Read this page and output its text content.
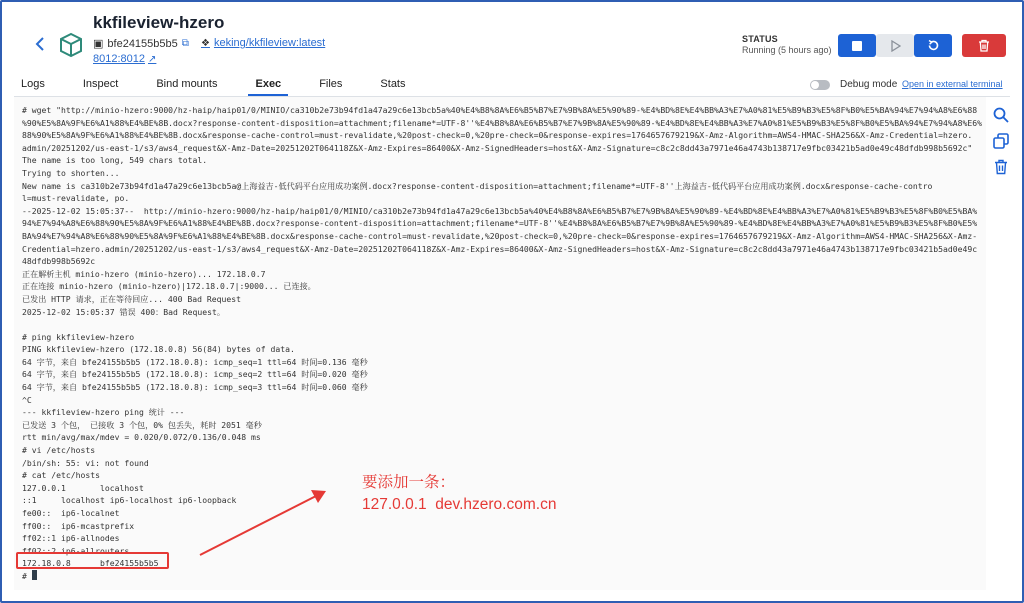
kkfileview-hzero
▣ bfe24155b5b5 ⧉ ❖ keking/kkfileview:latest
8012:8012 ↗
STATUS
Running (5 hours ago)
Logs	Inspect	Bind mounts	Exec	Files	Stats	Debug mode Open in external terminal
# wget "http://minio-hzero:9000/hz-haip/haip01/0/MINIO/ca310b2e73b94fd1a47a29c6e13bcb5a%40%E4%B8%8A%E6%B5%B7%E7%9B%8A%E5%90%89-%E4%BD%8E%E4%BB%A3%E7%A0%81%E5%B9%B3%E5%8F%B0%E5%BA%94%E7%94%A8%E6%88
%90%E5%8A%9F%E6%A1%88%E4%BE%8B.docx?response-content-disposition=attachment;filename*=UTF-8''%E4%B8%8A%E6%B5%B7%E7%9B%8A%E5%90%89-%E4%BD%8E%E4%BB%A3%E7%A0%81%E5%B9%B3%E5%8F%B0%E5%BA%94%E7%94%A8%E6%
88%90%E5%8A%9F%E6%A1%88%E4%BE%8B.docx&response-cache-control=must-revalidate,%20post-check=0,%20pre-check=0&response-expires=1764657679219&X-Amz-Algorithm=AWS4-HMAC-SHA256&X-Amz-Credential=hzero.
admin/20251202/us-east-1/s3/aws4_request&X-Amz-Date=20251202T064118Z&X-Amz-Expires=86400&X-Amz-SignedHeaders=host&X-Amz-Signature=c8c2c8dd43a7971e46a4743b138717e9fbc03421b5ad0e49c48dfdb998b5692c"
The name is too long, 549 chars total.
Trying to shorten...
New name is ca310b2e73b94fd1a47a29c6e13bcb5a@上海益吉-低代码平台应用成功案例.docx?response-content-disposition=attachment;filename*=UTF-8''上海益吉-低代码平台应用成功案例.docx&response-cache-contro
l=must-revalidate, po.
--2025-12-02 15:05:37--  http://minio-hzero:9000/hz-haip/haip01/0/MINIO/ca310b2e73b94fd1a47a29c6e13bcb5a%40%E4%B8%8A%E6%B5%B7%E7%9B%8A%E5%90%89-%E4%BD%8E%E4%BB%A3%E7%A0%81%E5%B9%B3%E5%8F%B0%E5%BA%
94%E7%94%A8%E6%88%90%E5%8A%9F%E6%A1%88%E4%BE%8B.docx?response-content-disposition=attachment;filename*=UTF-8''%E4%B8%8A%E6%B5%B7%E7%9B%8A%E5%90%89-%E4%BD%8E%E4%BB%A3%E7%A0%81%E5%B9%B3%E5%8F%B0%E5%
BA%94%E7%94%A8%E6%88%90%E5%8A%9F%E6%A1%88%E4%BE%8B.docx&response-cache-control=must-revalidate,%20post-check=0,%20pre-check=0&response-expires=1764657679219&X-Amz-Algorithm=AWS4-HMAC-SHA256&X-Amz-
Credential=hzero.admin/20251202/us-east-1/s3/aws4_request&X-Amz-Date=20251202T064118Z&X-Amz-Expires=86400&X-Amz-SignedHeaders=host&X-Amz-Signature=c8c2c8dd43a7971e46a4743b138717e9fbc03421b5ad0e49c
48dfdb998b5692c
正在解析主机 minio-hzero (minio-hzero)... 172.18.0.7
正在连接 minio-hzero (minio-hzero)|172.18.0.7|:9000... 已连接。
已发出 HTTP 请求，正在等待回应... 400 Bad Request
2025-12-02 15:05:37 错误 400：Bad Request。
# ping kkfileview-hzero
PING kkfileview-hzero (172.18.0.8) 56(84) bytes of data.
64 字节，来自 bfe24155b5b5 (172.18.0.8): icmp_seq=1 ttl=64 时间=0.136 毫秒
64 字节，来自 bfe24155b5b5 (172.18.0.8): icmp_seq=2 ttl=64 时间=0.020 毫秒
64 字节，来自 bfe24155b5b5 (172.18.0.8): icmp_seq=3 ttl=64 时间=0.060 毫秒
^C
--- kkfileview-hzero ping 统计 ---
已发送 3 个包， 已接收 3 个包，0% 包丢失，耗时 2051 毫秒
rtt min/avg/max/mdev = 0.020/0.072/0.136/0.048 ms
# vi /etc/hosts
/bin/sh: 55: vi: not found
# cat /etc/hosts
127.0.0.1       localhost
::1     localhost ip6-localhost ip6-loopback
fe00::  ip6-localnet
ff00::  ip6-mcastprefix
ff02::1 ip6-allnodes
ff02::2 ip6-allrouters
172.18.0.8      bfe24155b5b5
#
要添加一条：
127.0.0.1  dev.hzero.com.cn
